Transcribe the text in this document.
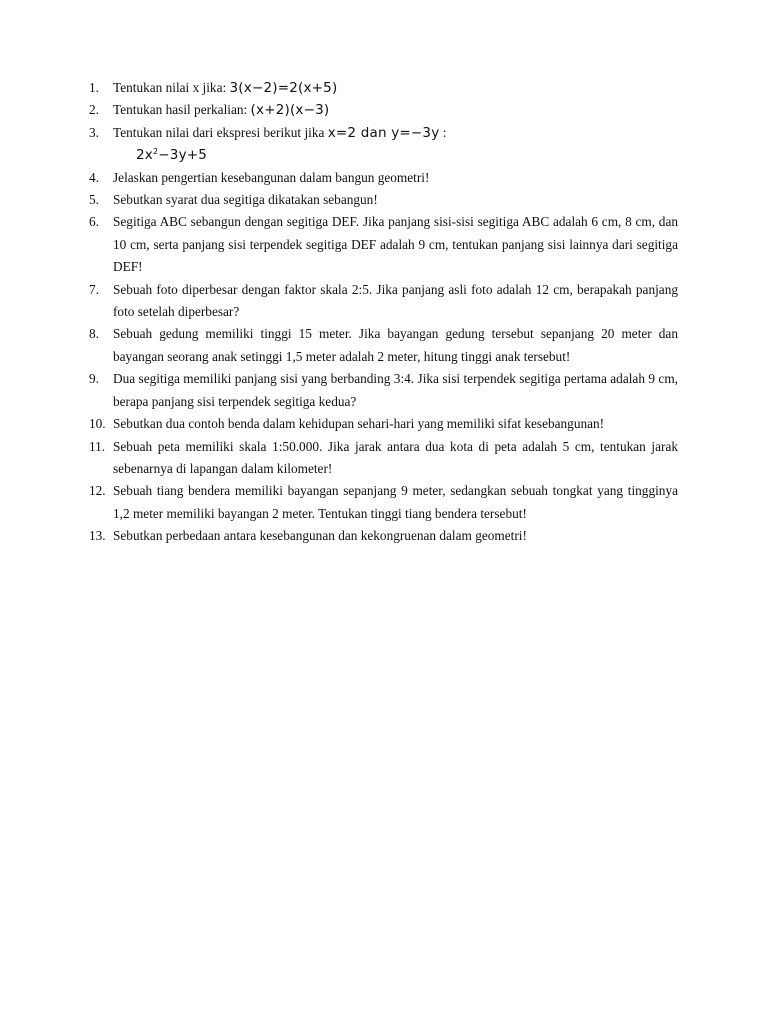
1. Tentukan nilai x jika: 3(x−2)=2(x+5)
2. Tentukan hasil perkalian: (x+2)(x−3)
3. Tentukan nilai dari ekspresi berikut jika x=2 dan y=−3y :
$2x^2-3y+5$
4. Jelaskan pengertian kesebangunan dalam bangun geometri!
5. Sebutkan syarat dua segitiga dikatakan sebangun!
6. Segitiga ABC sebangun dengan segitiga DEF. Jika panjang sisi-sisi segitiga ABC adalah 6 cm, 8 cm, dan 10 cm, serta panjang sisi terpendek segitiga DEF adalah 9 cm, tentukan panjang sisi lainnya dari segitiga DEF!
7. Sebuah foto diperbesar dengan faktor skala 2:5. Jika panjang asli foto adalah 12 cm, berapakah panjang foto setelah diperbesar?
8. Sebuah gedung memiliki tinggi 15 meter. Jika bayangan gedung tersebut sepanjang 20 meter dan bayangan seorang anak setinggi 1,5 meter adalah 2 meter, hitung tinggi anak tersebut!
9. Dua segitiga memiliki panjang sisi yang berbanding 3:4. Jika sisi terpendek segitiga pertama adalah 9 cm, berapa panjang sisi terpendek segitiga kedua?
10. Sebutkan dua contoh benda dalam kehidupan sehari-hari yang memiliki sifat kesebangunan!
11. Sebuah peta memiliki skala 1:50.000. Jika jarak antara dua kota di peta adalah 5 cm, tentukan jarak sebenarnya di lapangan dalam kilometer!
12. Sebuah tiang bendera memiliki bayangan sepanjang 9 meter, sedangkan sebuah tongkat yang tingginya 1,2 meter memiliki bayangan 2 meter. Tentukan tinggi tiang bendera tersebut!
13. Sebutkan perbedaan antara kesebangunan dan kekongruenan dalam geometri!
